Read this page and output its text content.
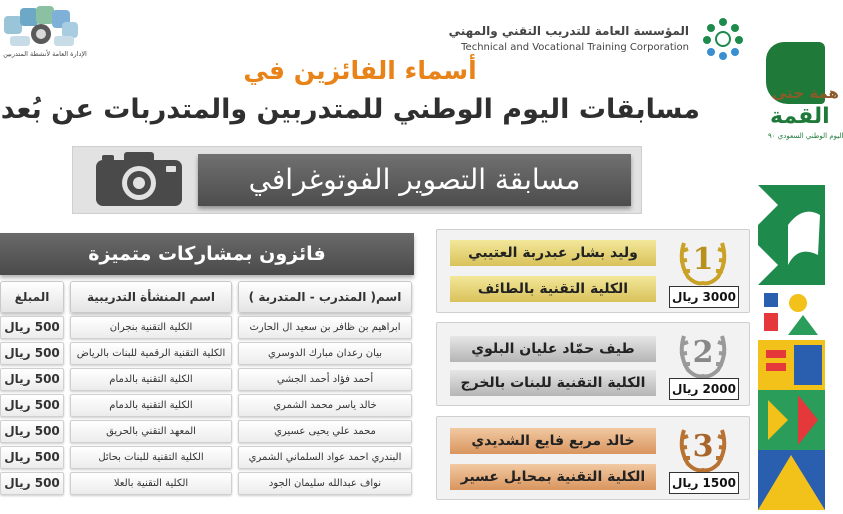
همة حتى
القمة
اليوم الوطني السعودي ٩٠
المؤسسة العامة للتدريب التقني والمهني
Technical and Vocational Training Corporation
الإدارة العامة لأنشطة المتدربين
أسماء الفائزين في
مسابقات اليوم الوطني للمتدربين والمتدربات عن بُعد
مسابقة التصوير الفوتوغرافي
فائزون بمشاركات متميزة
اسم( المتدرب - المتدربة )
اسم المنشأة التدريبية
المبلغ
ابراهيم بن ظافر بن سعيد ال الحارث
الكلية التقنية بنجران
500 ريال
بيان رعدان مبارك الدوسري
الكلية التقنية الرقمية للبنات بالرياض
500 ريال
أحمد فؤاد أحمد الجشي
الكلية التقنية بالدمام
500 ريال
خالد ياسر محمد الشمري
الكلية التقنية بالدمام
500 ريال
محمد علي يحيى عسيري
المعهد التقني بالحريق
500 ريال
البندري احمد عواد السلماني الشمري
الكلية التقنية للبنات بحائل
500 ريال
نواف عبدالله سليمان الجود
الكلية التقنية بالعلا
500 ريال
وليد بشار عبدربة العتيبي
الكلية التقنية بالطائف
1
3000 ريال
طيف حمّاد عليان البلوي
الكلية التقنية للبنات بالخرج
2
2000 ريال
خالد مربع فايع الشديدي
الكلية التقنية بمحايل عسير
3
1500 ريال
